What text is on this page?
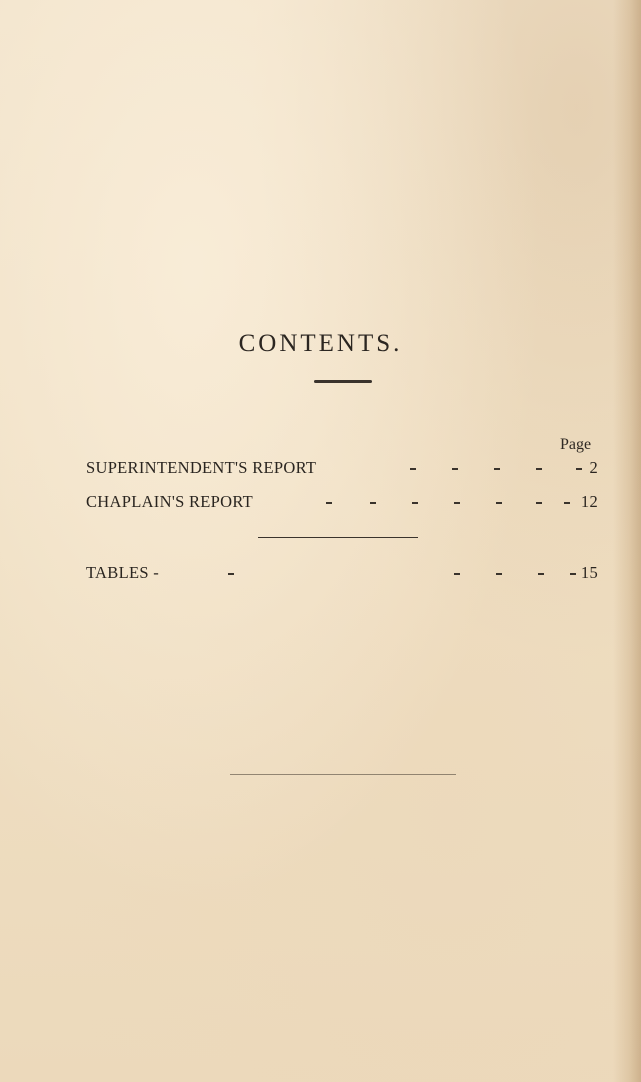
CONTENTS.
Page
SUPERINTENDENT'S REPORT	2
CHAPLAIN'S REPORT	12
TABLES -	15
